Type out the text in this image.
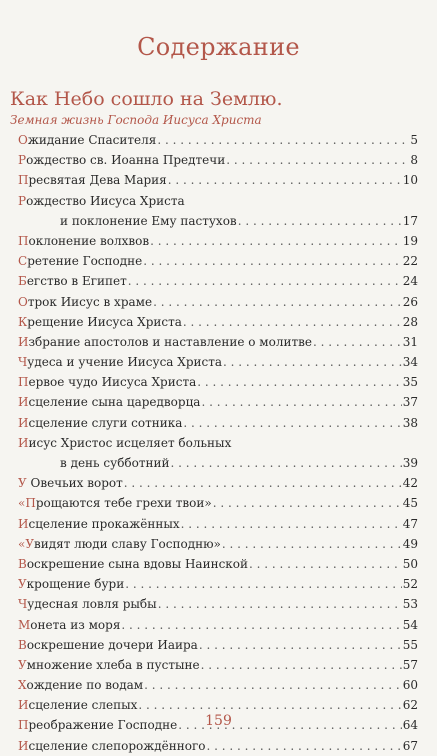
Содержание
Как Небо сошло на Землю.
Земная жизнь Господа Иисуса Христа
Ожидание Спасителя . . .	5
Рождество св. Иоанна Предтечи . . .	8
Пресвятая Дева Мария . . .	10
Рождество Иисуса Христа
и поклонение Ему пастухов . . .	17
Поклонение волхвов . . .	19
Сретение Господне . . .	22
Бегство в Египет . . .	24
Отрок Иисус в храме . . .	26
Крещение Иисуса Христа . . .	28
Избрание апостолов и наставление о молитве . . .	31
Чудеса и учение Иисуса Христа . . .	34
Первое чудо Иисуса Христа . . .	35
Исцеление сына царедворца . . .	37
Исцеление слуги сотника . . .	38
Иисус Христос исцеляет больных
в день субботний . . .	39
У Овечьих ворот . . .	42
«Прощаются тебе грехи твои» . . .	45
Исцеление прокажённых . . .	47
«Увидят люди славу Господню» . . .	49
Воскрешение сына вдовы Наинской . . .	50
Укрощение бури . . .	52
Чудесная ловля рыбы . . .	53
Монета из моря . . .	54
Воскрешение дочери Иаира . . .	55
Умножение хлеба в пустыне . . .	57
Хождение по водам . . .	60
Исцеление слепых . . .	62
Преображение Господне . . .	64
Исцеление слепорождённого . . .	67
159
